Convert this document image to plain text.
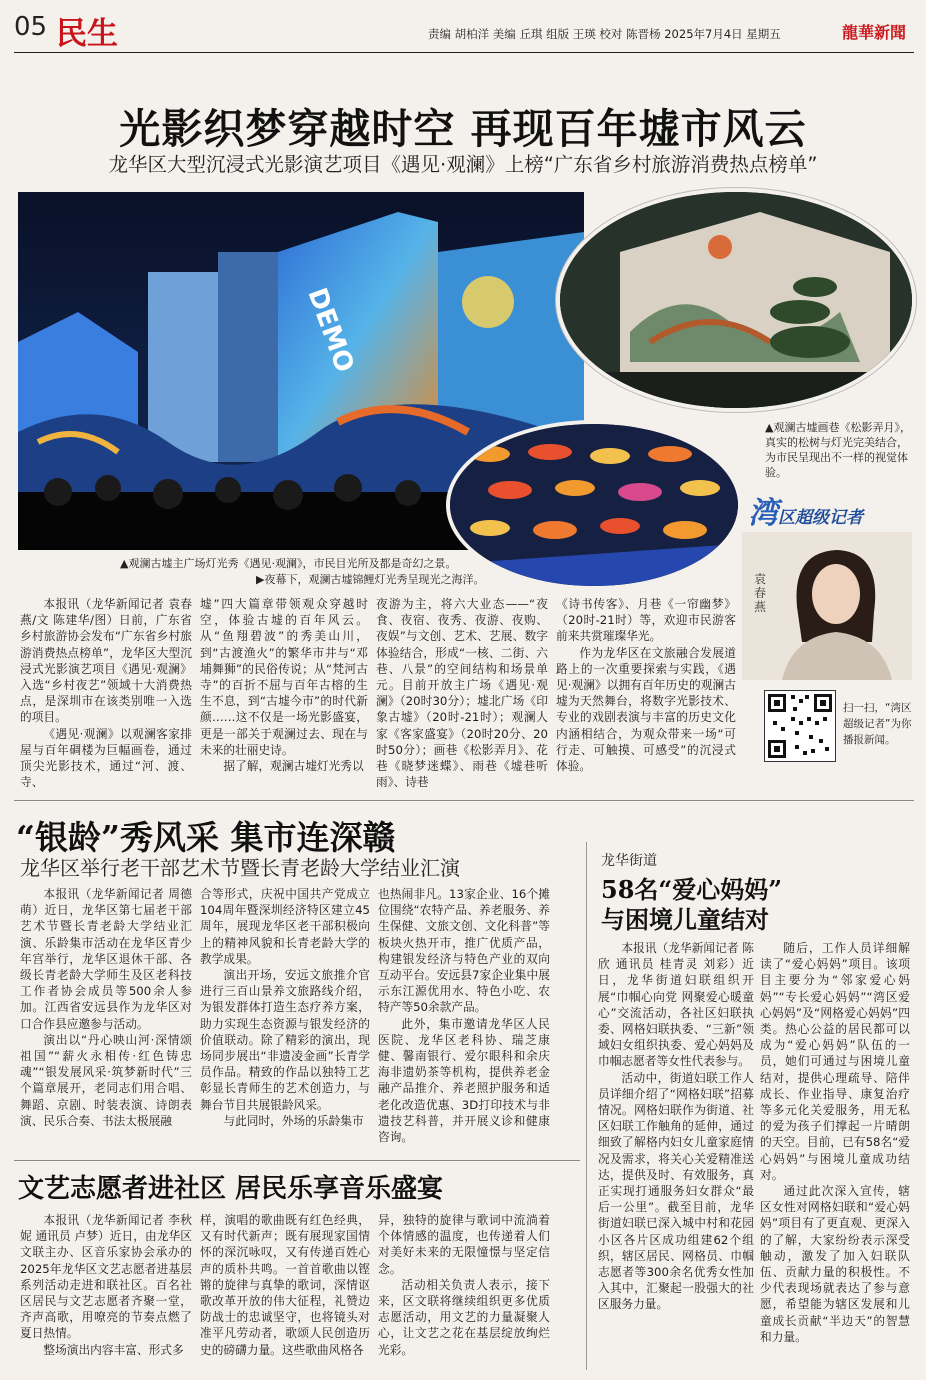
05 民生	责编 胡柏洋 美编 丘琪 组版 王瑛 校对 陈晋杨 2025年7月4日 星期五	龍華新聞
光影织梦穿越时空 再现百年墟市风云
龙华区大型沉浸式光影演艺项目《遇见·观澜》上榜“广东省乡村旅游消费热点榜单”
DEMO
▲观澜古墟主广场灯光秀《遇见·观澜》，市民目光所及都是奇幻之景。
▶夜幕下，观澜古墟锦鲤灯光秀呈现光之海洋。
▲观澜古墟画巷《松影弄月》，真实的松树与灯光完美结合，为市民呈现出不一样的视觉体验。
湾区超级记者
袁春燕
扫一扫，“湾区超级记者”为你播报新闻。

本报讯（龙华新闻记者 袁春燕/文 陈建华/图）日前，广东省乡村旅游协会发布“广东省乡村旅游消费热点榜单”，龙华区大型沉浸式光影演艺项目《遇见·观澜》入选“乡村夜艺”领域十大消费热点，是深圳市在该类别唯一入选的项目。

《遇见·观澜》以观澜客家排屋与百年碉楼为巨幅画卷，通过顶尖光影技术，通过“河、渡、寺、

墟”四大篇章带领观众穿越时空，体验古墟的百年风云。从“鱼翔碧波”的秀美山川，到“古渡渔火”的繁华市井与“邓埔舞狮”的民俗传说；从“梵河古寺”的百折不屈与百年古榕的生生不息，到“古墟今市”的时代新颜……这不仅是一场光影盛宴，更是一部关于观澜过去、现在与未来的壮丽史诗。

据了解，观澜古墟灯光秀以

夜游为主，将六大业态——“夜食、夜宿、夜秀、夜游、夜购、夜娱”与文创、艺术、艺展、数字体验结合，形成“一核、二街、六巷、八景”的空间结构和场景单元。目前开放主广场《遇见·观澜》（20时30分）；墟北广场《印象古墟》（20时-21时）；观澜人家《客家盛宴》（20时20分、20时50分）；画巷《松影弄月》、花巷《晓梦迷蝶》、雨巷《墟巷听雨》、诗巷

《诗书传客》、月巷《一帘幽梦》（20时-21时）等，欢迎市民游客前来共赏璀璨华光。

作为龙华区在文旅融合发展道路上的一次重要探索与实践，《遇见·观澜》以拥有百年历史的观澜古墟为天然舞台，将数字光影技术、专业的戏剧表演与丰富的历史文化内涵相结合，为观众带来一场“可行走、可触摸、可感受”的沉浸式体验。

“银龄”秀风采 集市连深赣
龙华区举行老干部艺术节暨长青老龄大学结业汇演

本报讯（龙华新闻记者 周德萌）近日，龙华区第七届老干部艺术节暨长青老龄大学结业汇演、乐龄集市活动在龙华区青少年宫举行，龙华区退休干部、各级长青老龄大学师生及区老科技工作者协会成员等500余人参加。江西省安远县作为龙华区对口合作县应邀参与活动。

演出以“丹心映山河·深情颂祖国”“薪火永相传·红色铸忠魂”“银发展风采·筑梦新时代”三个篇章展开，老同志们用合唱、舞蹈、京剧、时装表演、诗朗表演、民乐合奏、书法太极展融

合等形式，庆祝中国共产党成立104周年暨深圳经济特区建立45周年，展现龙华区老干部积极向上的精神风貌和长青老龄大学的教学成果。

演出开场，安远文旅推介官进行三百山景养文旅路线介绍，为银发群体打造生态疗养方案，助力实现生态资源与银发经济的价值联动。除了精彩的演出，现场同步展出“非遗凌金画”长青学员作品。精致的作品以独特工艺彰显长青师生的艺术创造力，与舞台节目共展银龄风采。

与此同时，外场的乐龄集市

也热闹非凡。13家企业、16个摊位围绕“农特产品、养老服务、养生保健、文旅文创、文化科普”等板块火热开市，推广优质产品，构建银发经济与特色产业的双向互动平台。安远县7家企业集中展示东江源优用水、特色小吃、农特产等50余款产品。

此外，集市邀请龙华区人民医院、龙华区老科协、瑞芝康健、馨南银行、爱尔眼科和余庆海非遗奶茶等机构，提供养老金融产品推介、养老照护服务和适老化改造优惠、3D打印技术与非遗技艺科普，并开展义诊和健康咨询。

文艺志愿者进社区 居民乐享音乐盛宴

本报讯（龙华新闻记者 李秋妮 通讯员 卢梦）近日，由龙华区文联主办、区音乐家协会承办的2025年龙华区文艺志愿者进基层系列活动走进和联社区。百名社区居民与文艺志愿者齐聚一堂，齐声高歌，用嘹亮的节奏点燃了夏日热情。

整场演出内容丰富、形式多

样，演唱的歌曲既有红色经典，又有时代新声；既有展现家国情怀的深沉咏叹，又有传递百姓心声的质朴共鸣。一首首歌曲以铿锵的旋律与真挚的歌词，深情讴歌改革开放的伟大征程，礼赞边防战士的忠诚坚守，也将镜头对准平凡劳动者，歌颂人民创造历史的磅礴力量。这些歌曲风格各

异，独特的旋律与歌词中流淌着个体情感的温度，也传递着人们对美好未来的无限憧憬与坚定信念。

活动相关负责人表示，接下来，区文联将继续组织更多优质志愿活动，用文艺的力量凝聚人心，让文艺之花在基层绽放绚烂光彩。

龙华街道
58名“爱心妈妈”
与困境儿童结对

本报讯（龙华新闻记者 陈欣 通讯员 桂青灵 刘彩）近日，龙华街道妇联组织开展“巾帼心向党 网聚爱心暖童心”交流活动，各社区妇联执委、网格妇联执委、“三新”领域妇女组织执委、爱心妈妈及巾帼志愿者等女性代表参与。

活动中，街道妇联工作人员详细介绍了“网格妇联”招募情况。网格妇联作为街道、社区妇联工作触角的延伸，通过细致了解格内妇女儿童家庭情况及需求，将关心关爱精准送达，提供及时、有效服务，真正实现打通服务妇女群众“最后一公里”。截至目前，龙华街道妇联已深入城中村和花园小区各片区成功组建62个组织，辖区居民、网格员、巾帼志愿者等300余名优秀女性加入其中，汇聚起一股强大的社区服务力量。

随后，工作人员详细解读了“爱心妈妈”项目。该项目主要分为“邻家爱心妈妈”“专长爱心妈妈”“湾区爱心妈妈”及“网格爱心妈妈”四类。热心公益的居民都可以成为“爱心妈妈”队伍的一员，她们可通过与困境儿童结对，提供心理疏导、陪伴成长、作业指导、康复治疗等多元化关爱服务，用无私的爱为孩子们撑起一片晴朗的天空。目前，已有58名“爱心妈妈”与困境儿童成功结对。

通过此次深入宣传，辖区女性对网格妇联和“爱心妈妈”项目有了更直观、更深入的了解，大家纷纷表示深受触动，激发了加入妇联队伍、贡献力量的积极性。不少代表现场就表达了参与意愿，希望能为辖区发展和儿童成长贡献“半边天”的智慧和力量。
